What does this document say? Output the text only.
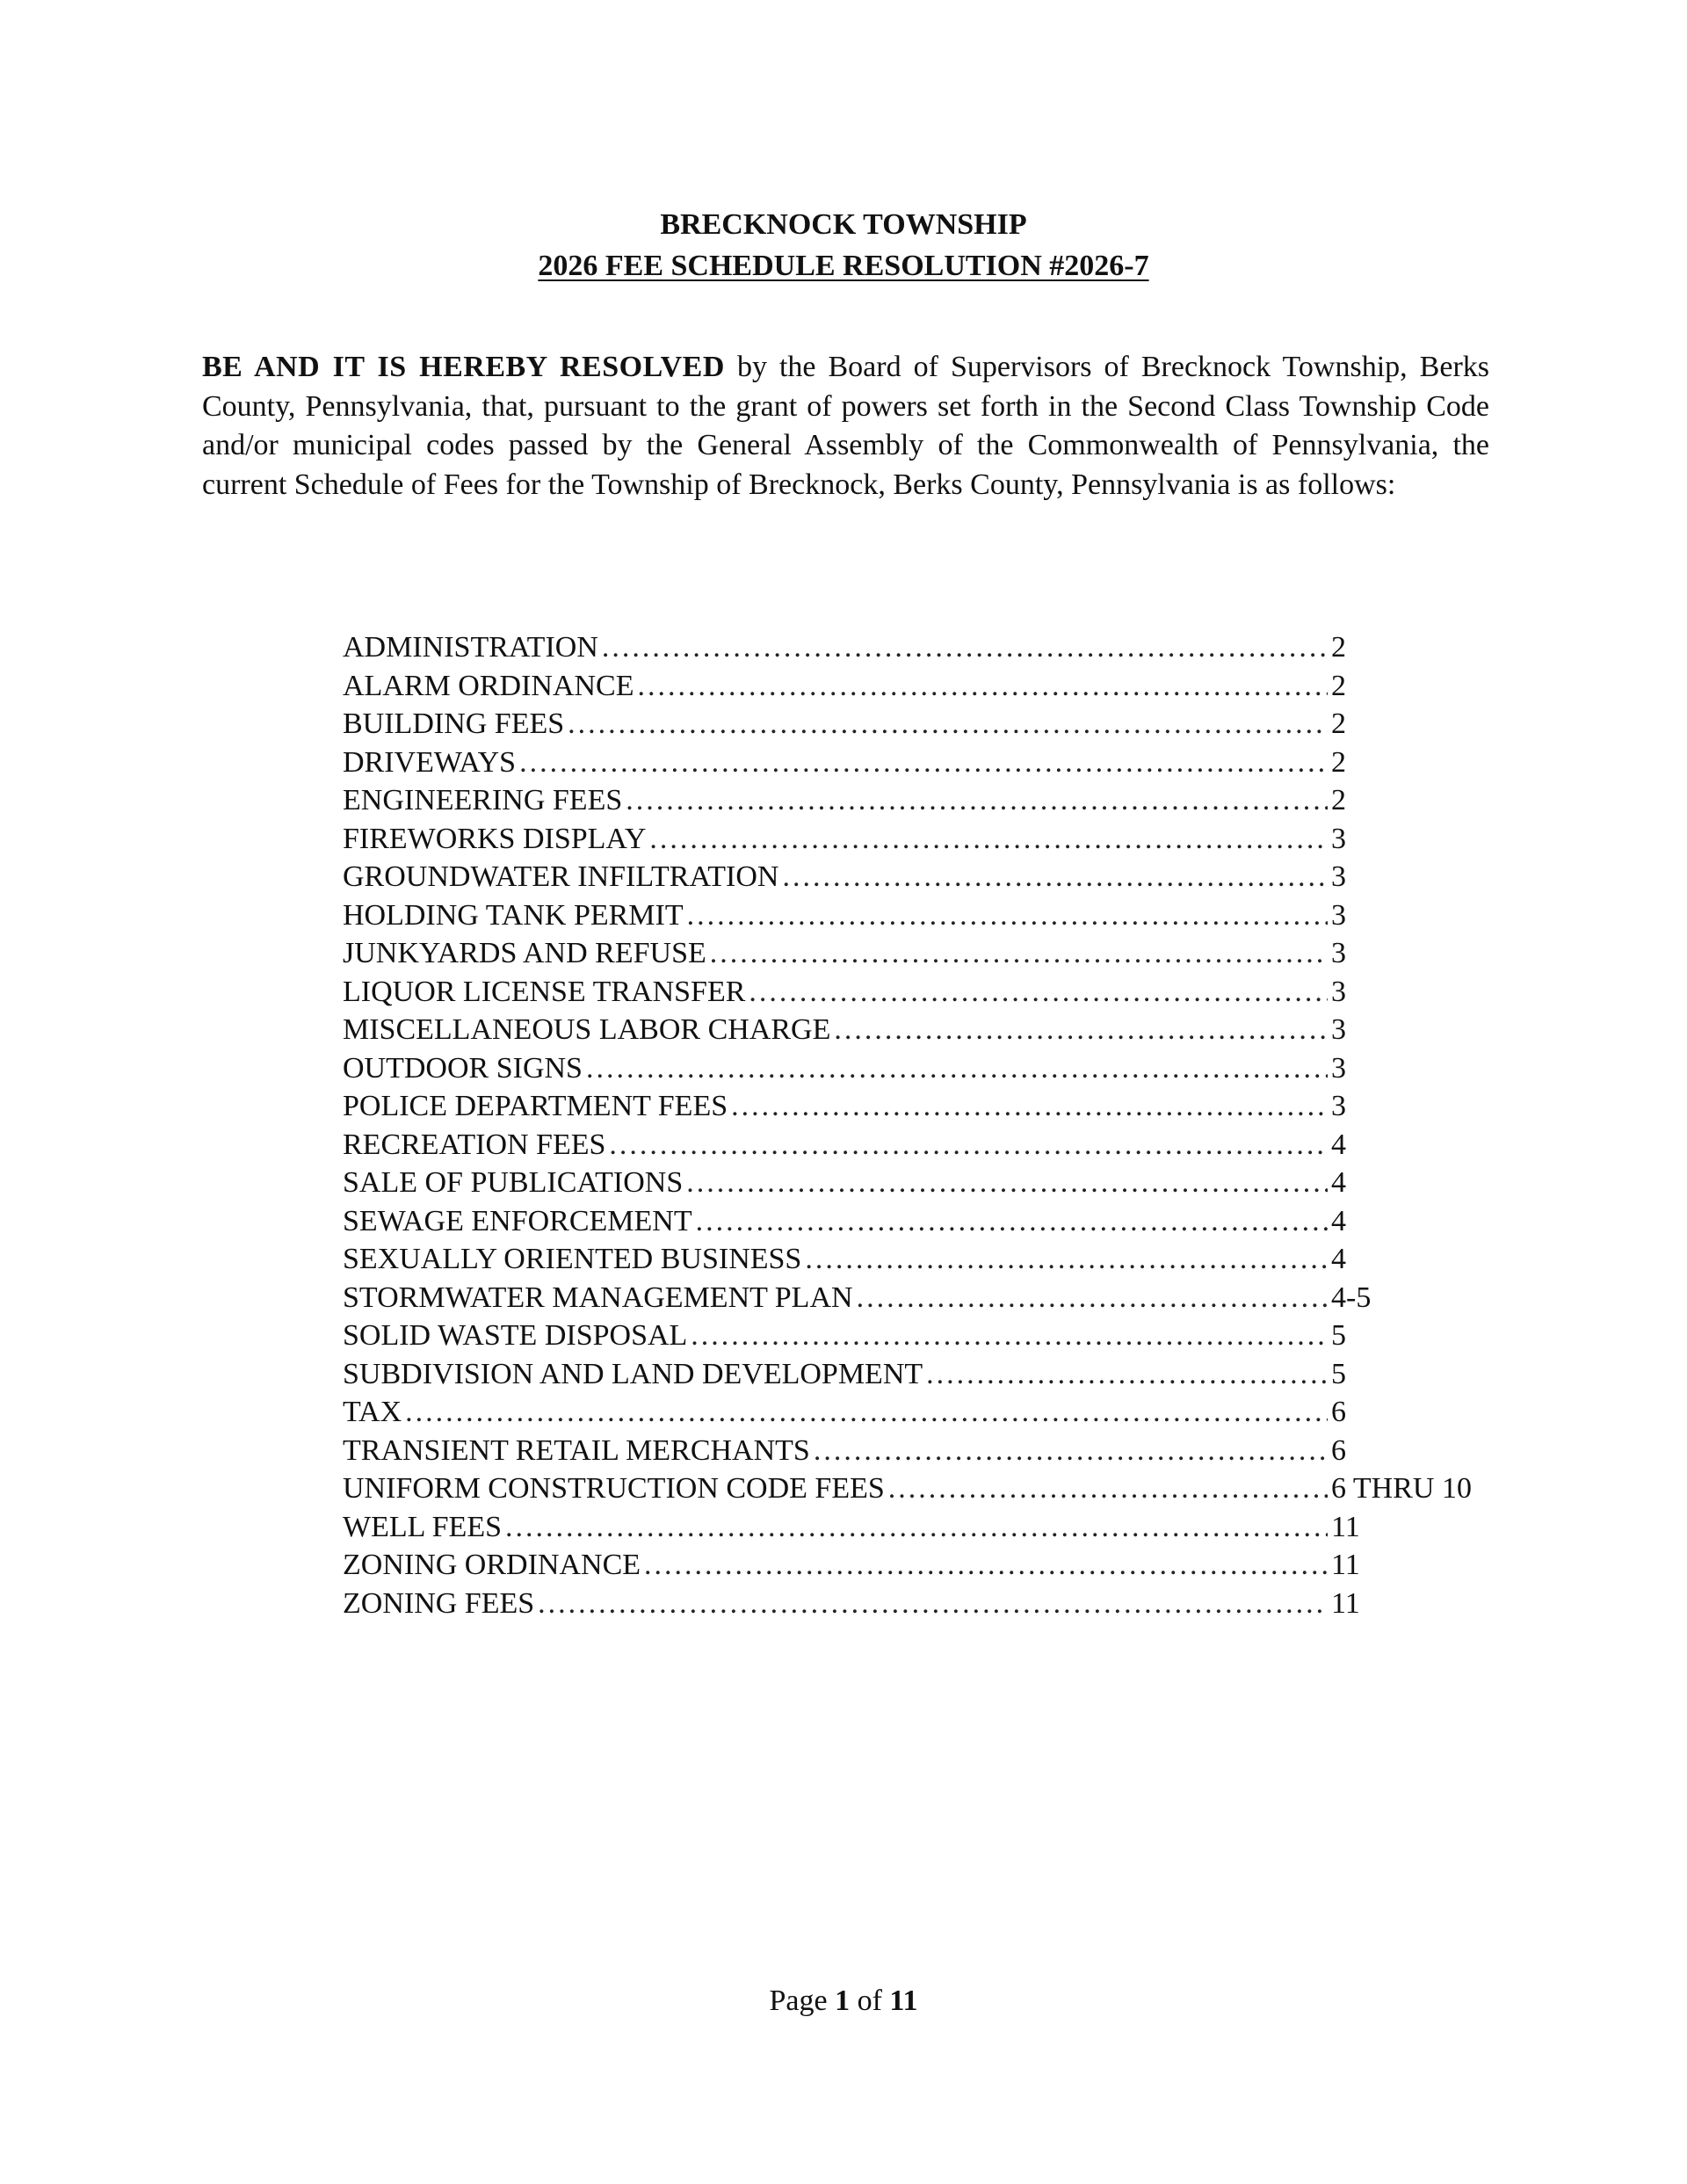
BRECKNOCK TOWNSHIP
2026 FEE SCHEDULE RESOLUTION #2026-7

BE AND IT IS HEREBY RESOLVED by the Board of Supervisors of Brecknock Township, Berks County, Pennsylvania, that, pursuant to the grant of powers set forth in the Second Class Township Code and/or municipal codes passed by the General Assembly of the Commonwealth of Pennsylvania, the current Schedule of Fees for the Township of Brecknock, Berks County, Pennsylvania is as follows:

ADMINISTRATION .....	2
ALARM ORDINANCE .....	2
BUILDING FEES .....	2
DRIVEWAYS .....	2
ENGINEERING FEES .....	2
FIREWORKS DISPLAY .....	3
GROUNDWATER INFILTRATION .....	3
HOLDING TANK PERMIT .....	3
JUNKYARDS AND REFUSE .....	3
LIQUOR LICENSE TRANSFER .....	3
MISCELLANEOUS LABOR CHARGE .....	3
OUTDOOR SIGNS .....	3
POLICE DEPARTMENT FEES .....	3
RECREATION FEES .....	4
SALE OF PUBLICATIONS .....	4
SEWAGE ENFORCEMENT .....	4
SEXUALLY ORIENTED BUSINESS .....	4
STORMWATER MANAGEMENT PLAN .....	4-5
SOLID WASTE DISPOSAL .....	5
SUBDIVISION AND LAND DEVELOPMENT .....	5
TAX .....	6
TRANSIENT RETAIL MERCHANTS .....	6
UNIFORM CONSTRUCTION CODE FEES .....	6 THRU 10
WELL FEES .....	11
ZONING ORDINANCE .....	11
ZONING FEES .....	11
Page 1 of 11
